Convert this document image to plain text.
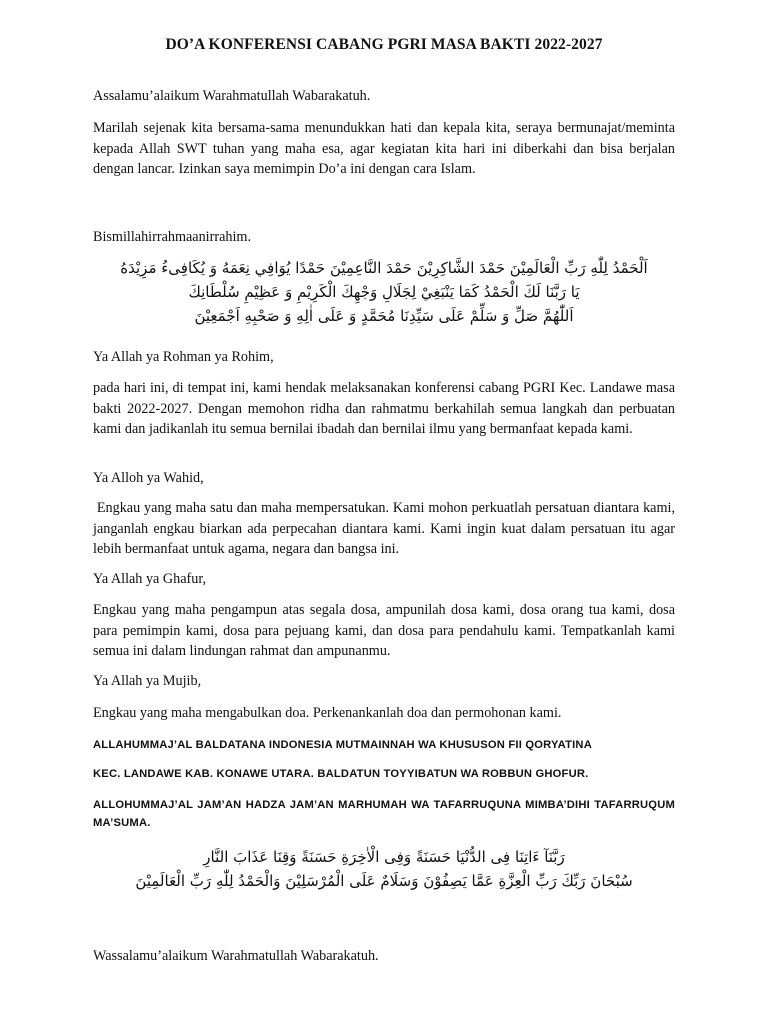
DO’A KONFERENSI CABANG PGRI MASA BAKTI 2022-2027

Assalamu’alaikum Warahmatullah Wabarakatuh.

Marilah sejenak kita bersama-sama menundukkan hati dan kepala kita, seraya bermunajat/meminta kepada Allah SWT tuhan yang maha esa, agar kegiatan kita hari ini diberkahi dan bisa berjalan dengan lancar. Izinkan saya memimpin Do’a ini dengan cara Islam.

Bismillahirrahmaanirrahim.

اَلْحَمْدُ لِلّٰهِ رَبِّ الْعَالَمِيْنَ حَمْدَ الشَّاكِرِيْنَ حَمْدَ النَّاعِمِيْنَ حَمْدًا يُوَافِي نِعَمَهُ وَ يُكَافِىءُ مَزِيْدَهُ
يَا رَبَّنَا لَكَ الْحَمْدُ كَمَا يَنْبَغِيْ لِجَلَالِ وَجْهِكَ الْكَرِيْمِ وَ عَظِيْمِ سُلْطَانِكَ
اَللّٰهُمَّ صَلِّ وَ سَلِّمْ عَلَى سَيِّدِنَا مُحَمَّدٍ وَ عَلَى اٰلِهِ وَ صَحْبِهِ اَجْمَعِيْنَ

Ya Allah ya Rohman ya Rohim,

pada hari ini, di tempat ini, kami hendak melaksanakan konferensi cabang PGRI Kec. Landawe masa bakti 2022-2027. Dengan memohon ridha dan rahmatmu berkahilah semua langkah dan perbuatan kami dan jadikanlah itu semua bernilai ibadah dan bernilai ilmu yang bermanfaat kepada kami.

Ya Alloh ya Wahid,

Engkau yang maha satu dan maha mempersatukan. Kami mohon perkuatlah persatuan diantara kami, janganlah engkau biarkan ada perpecahan diantara kami. Kami ingin kuat dalam persatuan itu agar lebih bermanfaat untuk agama, negara dan bangsa ini.

Ya Allah ya Ghafur,

Engkau yang maha pengampun atas segala dosa, ampunilah dosa kami, dosa orang tua kami, dosa para pemimpin kami, dosa para pejuang kami, dan dosa para pendahulu kami. Tempatkanlah kami semua ini dalam lindungan rahmat dan ampunanmu.

Ya Allah ya Mujib,

Engkau yang maha mengabulkan doa. Perkenankanlah doa dan permohonan kami.

ALLAHUMMAJ’AL BALDATANA INDONESIA MUTMAINNAH WA KHUSUSON FII QORYATINA

KEC. LANDAWE KAB. KONAWE UTARA. BALDATUN TOYYIBATUN WA ROBBUN GHOFUR.

ALLOHUMMAJ’AL JAM’AN HADZA JAM’AN MARHUMAH WA TAFARRUQUNA MIMBA’DIHI TAFARRUQUM MA’SUMA.

رَبَّنَآ ءَاتِنَا فِى الدُّنْيَا حَسَنَةً وَفِى الْاٰخِرَةِ حَسَنَةً وَقِنَا عَذَابَ النَّارِ
سُبْحَانَ رَبِّكَ رَبِّ الْعِزَّةِ عَمَّا يَصِفُوْنَ وَسَلَامٌ عَلَى الْمُرْسَلِيْنَ وَالْحَمْدُ لِلّٰهِ رَبِّ الْعَالَمِيْنَ

Wassalamu’alaikum Warahmatullah Wabarakatuh.
